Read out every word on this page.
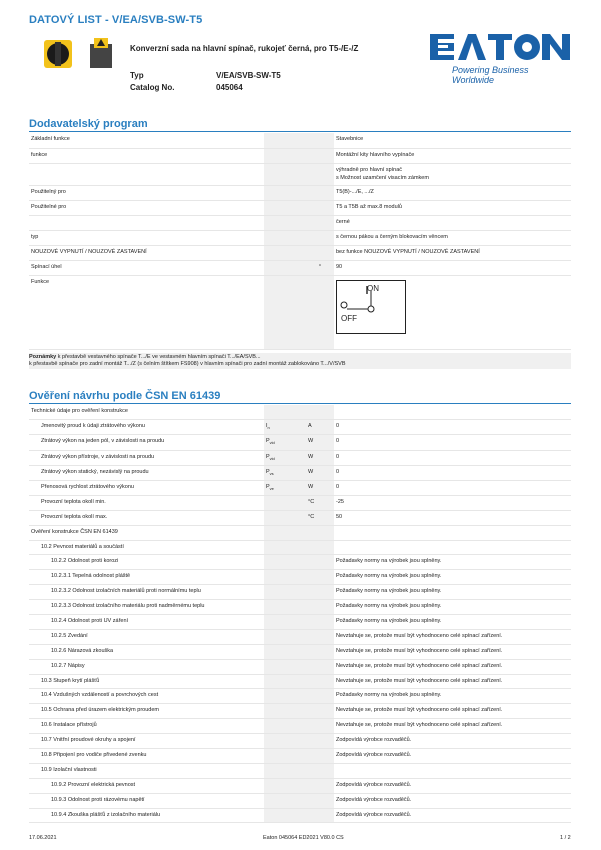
DATOVÝ LIST - V/EA/SVB-SW-T5
Konverzní sada na hlavní spínač, rukojeť černá, pro T5-/E-/Z
Typ	V/EA/SVB-SW-T5
Catalog No.	045064
Powering Business Worldwide
Dodavatelský program
Základní funkce			Stavebnice
funkce			Montážní kity hlavního vypínače
			výhradně pro hlavní spínač
s Možnost uzamčení visacím zámkem
Použitelný pro			T5(B)-.../E, .../Z
Použitelné pro			T5 a T5B až max.8 modulů
			černé
typ			s černou pákou a černým blokovacím věncem
NOUZOVÉ VYPNUTÍ / NOUZOVÉ ZASTAVENÍ			bez funkce NOUZOVÉ VYPNUTÍ / NOUZOVÉ ZASTAVENÍ
Spínací úhel		°	90
Funkce			ON
OFF
Poznámky k přestavbě vestavného spínače T.../E ve vestavném hlavním spínači T.../EA/SVB...
k přestavbě spínače pro zadní montáž T.../Z (s čelním štítkem FS908) v hlavním spínači pro zadní montáž zablokováno T.../V/SVB
Ověření návrhu podle ČSN EN 61439
Technické údaje pro ověření konstrukce			
Jmenovitý proud k údaji ztrátového výkonu	$I_n$	A	0
Ztrátový výkon na jeden pól, v závislosti na proudu	$P_{vid}$	W	0
Ztrátový výkon přístroje, v závislosti na proudu	$P_{vid}$	W	0
Ztrátový výkon statický, nezávislý na proudu	$P_{vs}$	W	0
Přenosová rychlost ztrátového výkonu	$P_{ve}$	W	0
Provozní teplota okolí min.		°C	-25
Provozní teplota okolí max.		°C	50
Ověření konstrukce ČSN EN 61439			
10.2 Pevnost materiálů a součástí			
10.2.2 Odolnost proti korozi			Požadavky normy na výrobek jsou splněny.
10.2.3.1 Tepelná odolnost pláště			Požadavky normy na výrobek jsou splněny.
10.2.3.2 Odolnost izolačních materiálů proti normálnímu teplu			Požadavky normy na výrobek jsou splněny.
10.2.3.3 Odolnost izolačního materiálu proti nadměrnému teplu			Požadavky normy na výrobek jsou splněny.
10.2.4 Odolnost proti UV záření			Požadavky normy na výrobek jsou splněny.
10.2.5 Zvedání			Nevztahuje se, protože musí být vyhodnoceno celé spínací zařízení.
10.2.6 Nárazová zkouška			Nevztahuje se, protože musí být vyhodnoceno celé spínací zařízení.
10.2.7 Nápisy			Nevztahuje se, protože musí být vyhodnoceno celé spínací zařízení.
10.3 Stupeň krytí plášťů			Nevztahuje se, protože musí být vyhodnoceno celé spínací zařízení.
10.4 Vzdušných vzdáleností a povrchových cest			Požadavky normy na výrobek jsou splněny.
10.5 Ochrana před úrazem elektrickým proudem			Nevztahuje se, protože musí být vyhodnoceno celé spínací zařízení.
10.6 Instalace přístrojů			Nevztahuje se, protože musí být vyhodnoceno celé spínací zařízení.
10.7 Vnitřní proudové okruhy a spojení			Zodpovídá výrobce rozvaděčů.
10.8 Připojení pro vodiče přivedené zvenku			Zodpovídá výrobce rozvaděčů.
10.9 Izolační vlastnosti			
10.9.2 Provozní elektrická pevnost			Zodpovídá výrobce rozvaděčů.
10.9.3 Odolnost proti rázovému napětí			Zodpovídá výrobce rozvaděčů.
10.9.4 Zkouška plášťů z izolačního materiálu			Zodpovídá výrobce rozvaděčů.
17.06.2021	Eaton 045064 ED2021 V80.0 CS	1 / 2
